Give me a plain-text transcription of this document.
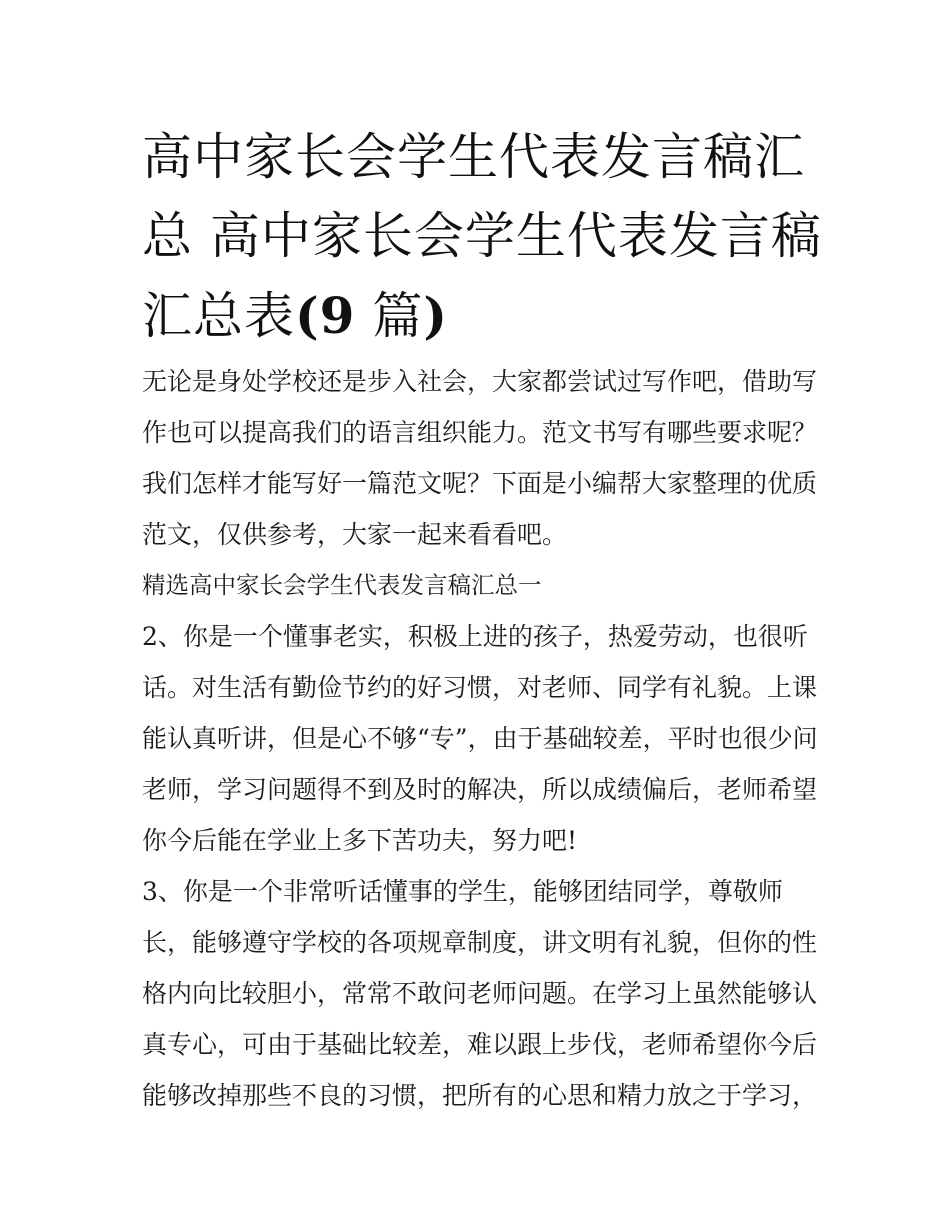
高中家长会学生代表发言稿汇
总 高中家长会学生代表发言稿
汇总表(9 篇)
无论是身处学校还是步入社会，大家都尝试过写作吧，借助写
作也可以提高我们的语言组织能力。范文书写有哪些要求呢？
我们怎样才能写好一篇范文呢？下面是小编帮大家整理的优质
范文，仅供参考，大家一起来看看吧。
精选高中家长会学生代表发言稿汇总一
2、你是一个懂事老实，积极上进的孩子，热爱劳动，也很听
话。对生活有勤俭节约的好习惯，对老师、同学有礼貌。上课
能认真听讲，但是心不够“专”，由于基础较差，平时也很少问
老师，学习问题得不到及时的解决，所以成绩偏后，老师希望
你今后能在学业上多下苦功夫，努力吧!
3、你是一个非常听话懂事的学生，能够团结同学，尊敬师
长，能够遵守学校的各项规章制度，讲文明有礼貌，但你的性
格内向比较胆小，常常不敢问老师问题。在学习上虽然能够认
真专心，可由于基础比较差，难以跟上步伐，老师希望你今后
能够改掉那些不良的习惯，把所有的心思和精力放之于学习，
